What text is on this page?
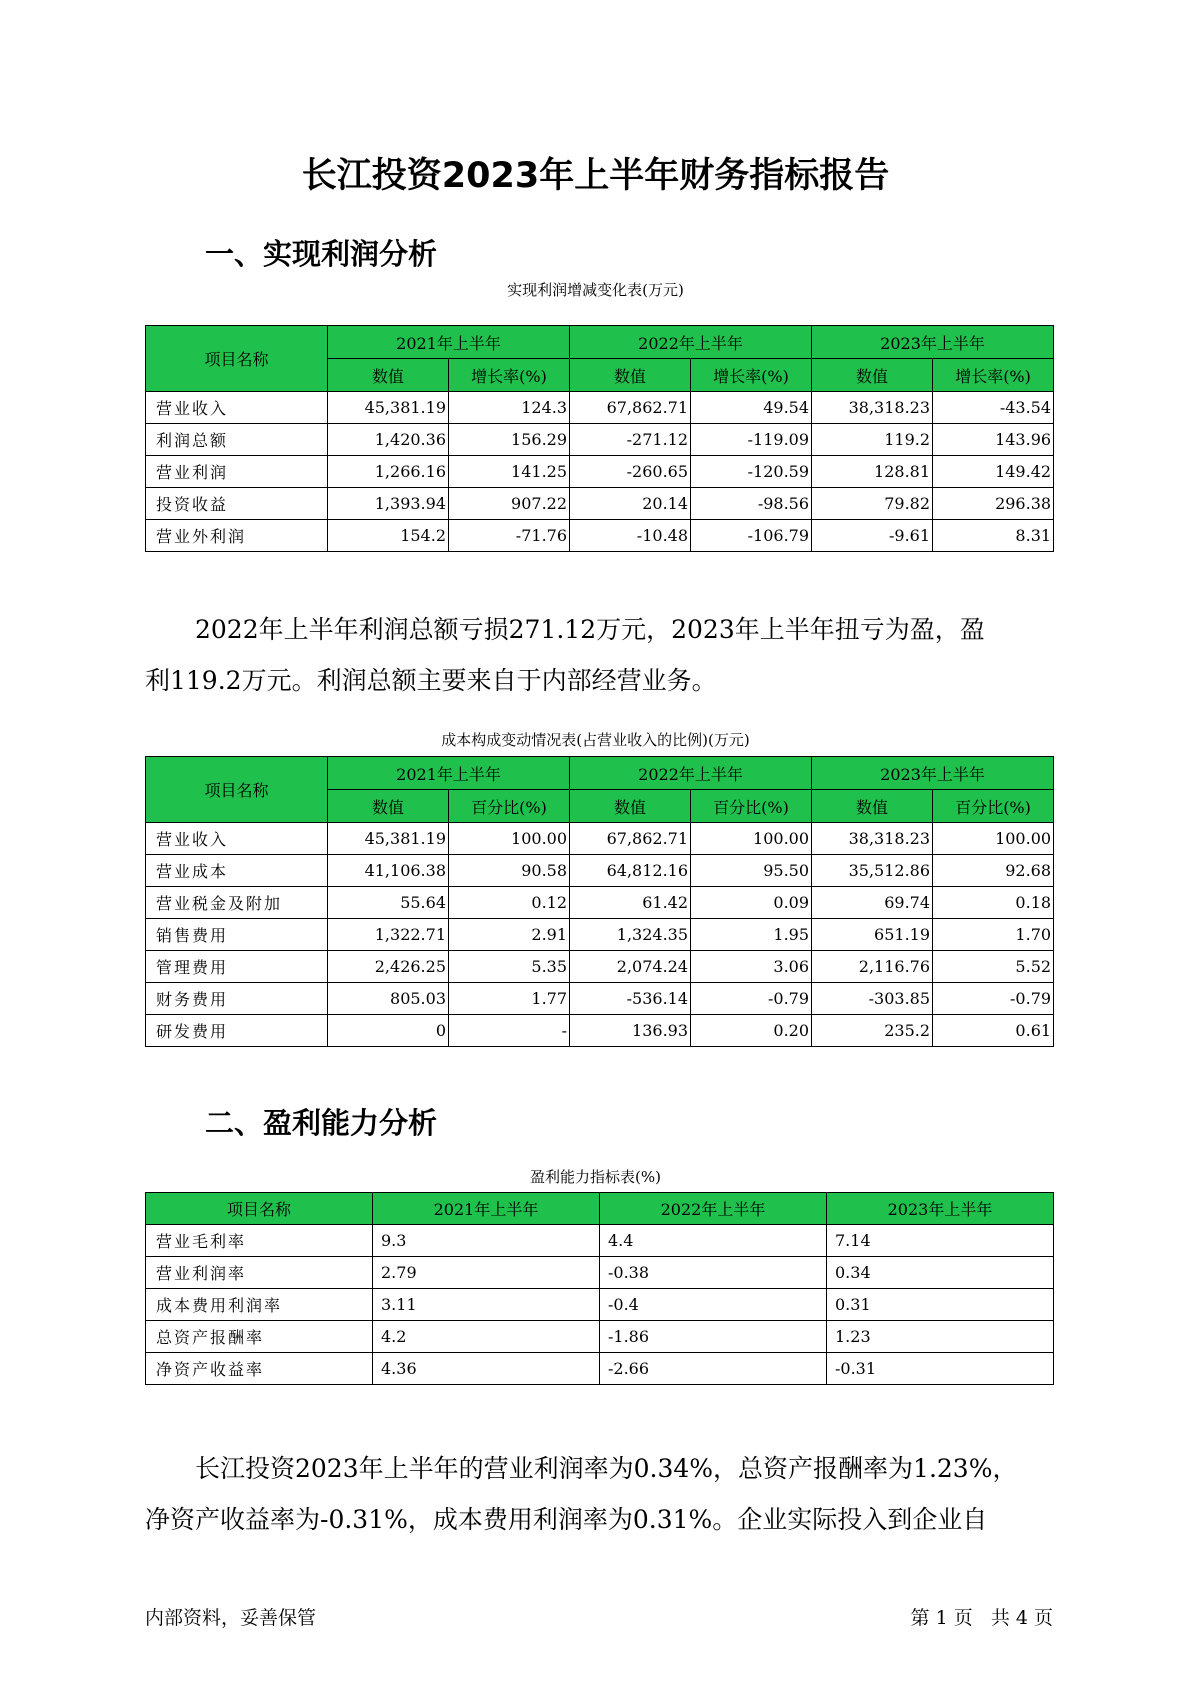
长江投资2023年上半年财务指标报告
一、实现利润分析
实现利润增减变化表(万元)
项目名称	2021年上半年		2022年上半年		2023年上半年	
	数值	增长率(%)	数值	增长率(%)	数值	增长率(%)
营业收入	45,381.19	124.3	67,862.71	49.54	38,318.23	-43.54
利润总额	1,420.36	156.29	-271.12	-119.09	119.2	143.96
营业利润	1,266.16	141.25	-260.65	-120.59	128.81	149.42
投资收益	1,393.94	907.22	20.14	-98.56	79.82	296.38
营业外利润	154.2	-71.76	-10.48	-106.79	-9.61	8.31
2022年上半年利润总额亏损271.12万元，2023年上半年扭亏为盈，盈
利119.2万元。利润总额主要来自于内部经营业务。
成本构成变动情况表(占营业收入的比例)(万元)
项目名称	2021年上半年		2022年上半年		2023年上半年	
	数值	百分比(%)	数值	百分比(%)	数值	百分比(%)
营业收入	45,381.19	100.00	67,862.71	100.00	38,318.23	100.00
营业成本	41,106.38	90.58	64,812.16	95.50	35,512.86	92.68
营业税金及附加	55.64	0.12	61.42	0.09	69.74	0.18
销售费用	1,322.71	2.91	1,324.35	1.95	651.19	1.70
管理费用	2,426.25	5.35	2,074.24	3.06	2,116.76	5.52
财务费用	805.03	1.77	-536.14	-0.79	-303.85	-0.79
研发费用	0	-	136.93	0.20	235.2	0.61
二、盈利能力分析
盈利能力指标表(%)
项目名称	2021年上半年	2022年上半年	2023年上半年
营业毛利率	9.3	4.4	7.14
营业利润率	2.79	-0.38	0.34
成本费用利润率	3.11	-0.4	0.31
总资产报酬率	4.2	-1.86	1.23
净资产收益率	4.36	-2.66	-0.31
长江投资2023年上半年的营业利润率为0.34%，总资产报酬率为1.23%，
净资产收益率为-0.31%，成本费用利润率为0.31%。企业实际投入到企业自
内部资料，妥善保管	第 1 页   共 4 页
